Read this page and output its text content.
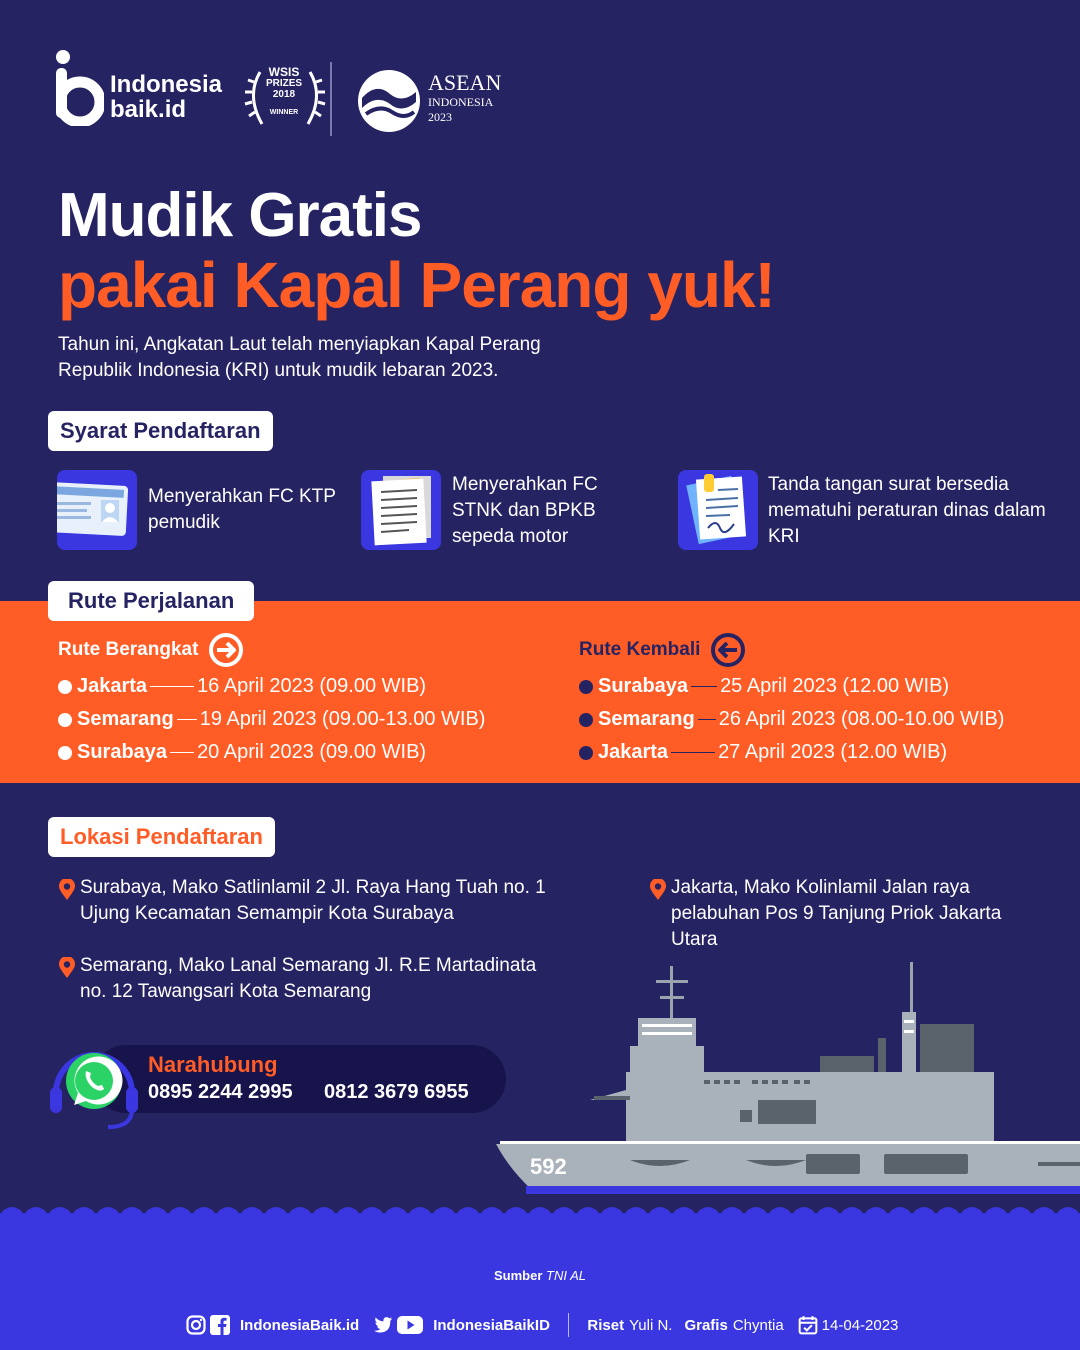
Indonesia
baik.id
WSIS
PRIZES
2018
WINNER
ASEAN
INDONESIA
2023
Mudik Gratis
pakai Kapal Perang yuk!
Tahun ini, Angkatan Laut telah menyiapkan Kapal Perang Republik Indonesia (KRI) untuk mudik lebaran 2023.
Syarat Pendaftaran
Menyerahkan FC KTP pemudik
Menyerahkan FC STNK dan BPKB sepeda motor
Tanda tangan surat bersedia mematuhi peraturan dinas dalam KRI
Rute Perjalanan
Rute Berangkat	Rute Kembali
Jakarta	16 April 2023 (09.00 WIB)
Semarang 19 April 2023 (09.00-13.00 WIB)
Surabaya 20 April 2023 (09.00 WIB)
Surabaya 25 April 2023 (12.00 WIB)
Semarang 26 April 2023 (08.00-10.00 WIB)
Jakarta	27 April 2023 (12.00 WIB)
Lokasi Pendaftaran
Surabaya, Mako Satlinlamil 2 Jl. Raya Hang Tuah no. 1 Ujung Kecamatan Semampir Kota Surabaya
Semarang, Mako Lanal Semarang Jl. R.E Martadinata no. 12 Tawangsari Kota Semarang
Jakarta, Mako Kolinlamil Jalan raya pelabuhan Pos 9 Tanjung Priok Jakarta Utara
Narahubung
0895 2244 2995 0812 3679 6955
592
Sumber TNI AL
IndonesiaBaik.id	IndonesiaBaikID	Riset Yuli N. Grafis Chyntia	14-04-2023
